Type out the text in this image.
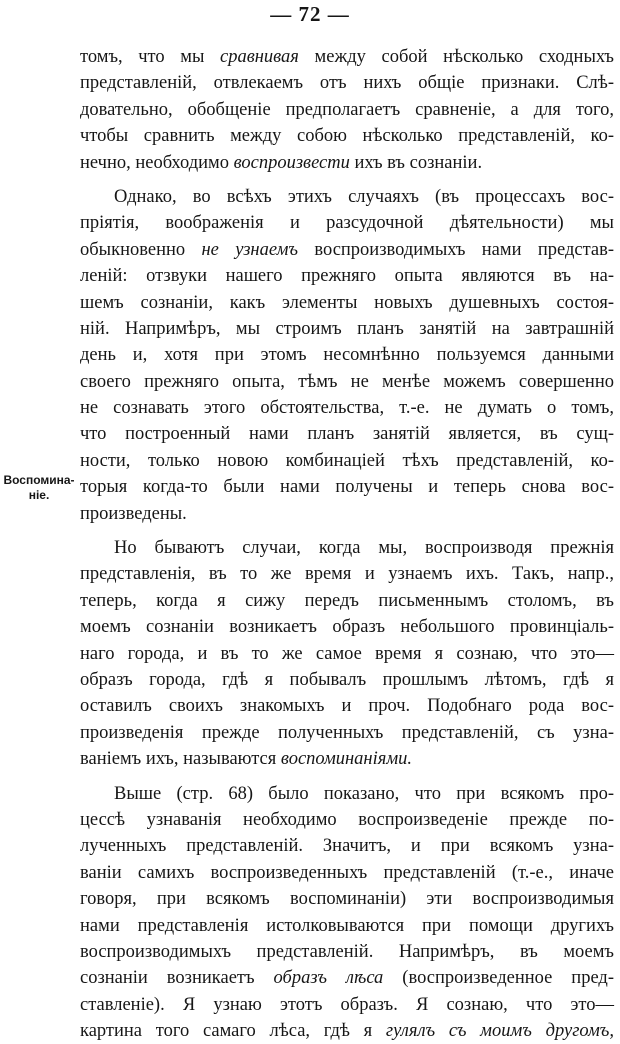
— 72 —
Воспомина-
ніе.
томъ, что мы сравнивая между собой нѣсколько сходныхъ
представленій, отвлекаемъ отъ нихъ общіе признаки. Слѣ-
довательно, обобщеніе предполагаетъ сравненіе, а для того,
чтобы сравнить между собою нѣсколько представленій, ко-
нечно, необходимо воспроизвести ихъ въ сознаніи.
Однако, во всѣхъ этихъ случаяхъ (въ процессахъ вос-
пріятія, воображенія и разсудочной дѣятельности) мы
обыкновенно не узнаемъ воспроизводимыхъ нами представ-
леній: отзвуки нашего прежняго опыта являются въ на-
шемъ сознаніи, какъ элементы новыхъ душевныхъ состоя-
ній. Напримѣръ, мы строимъ планъ занятій на завтрашній
день и, хотя при этомъ несомнѣнно пользуемся данными
своего прежняго опыта, тѣмъ не менѣе можемъ совершенно
не сознавать этого обстоятельства, т.-е. не думать о томъ,
что построенный нами планъ занятій является, въ сущ-
ности, только новою комбинаціей тѣхъ представленій, ко-
торыя когда-то были нами получены и теперь снова вос-
произведены.
Но бываютъ случаи, когда мы, воспроизводя прежнія
представленія, въ то же время и узнаемъ ихъ. Такъ, напр.,
теперь, когда я сижу передъ письменнымъ столомъ, въ
моемъ сознаніи возникаетъ образъ небольшого провинціаль-
наго города, и въ то же самое время я сознаю, что это—
образъ города, гдѣ я побывалъ прошлымъ лѣтомъ, гдѣ я
оставилъ своихъ знакомыхъ и проч. Подобнаго рода вос-
произведенія прежде полученныхъ представленій, съ узна-
ваніемъ ихъ, называются воспоминаніями.
Выше (стр. 68) было показано, что при всякомъ про-
цессѣ узнаванія необходимо воспроизведеніе прежде по-
лученныхъ представленій. Значитъ, и при всякомъ узна-
ваніи самихъ воспроизведенныхъ представленій (т.-е., иначе
говоря, при всякомъ воспоминаніи) эти воспроизводимыя
нами представленія истолковываются при помощи другихъ
воспроизводимыхъ представленій. Напримѣръ, въ моемъ
сознаніи возникаетъ образъ лѣса (воспроизведенное пред-
ставленіе). Я узнаю этотъ образъ. Я сознаю, что это—
картина того самаго лѣса, гдѣ я гулялъ съ моимъ другомъ,
